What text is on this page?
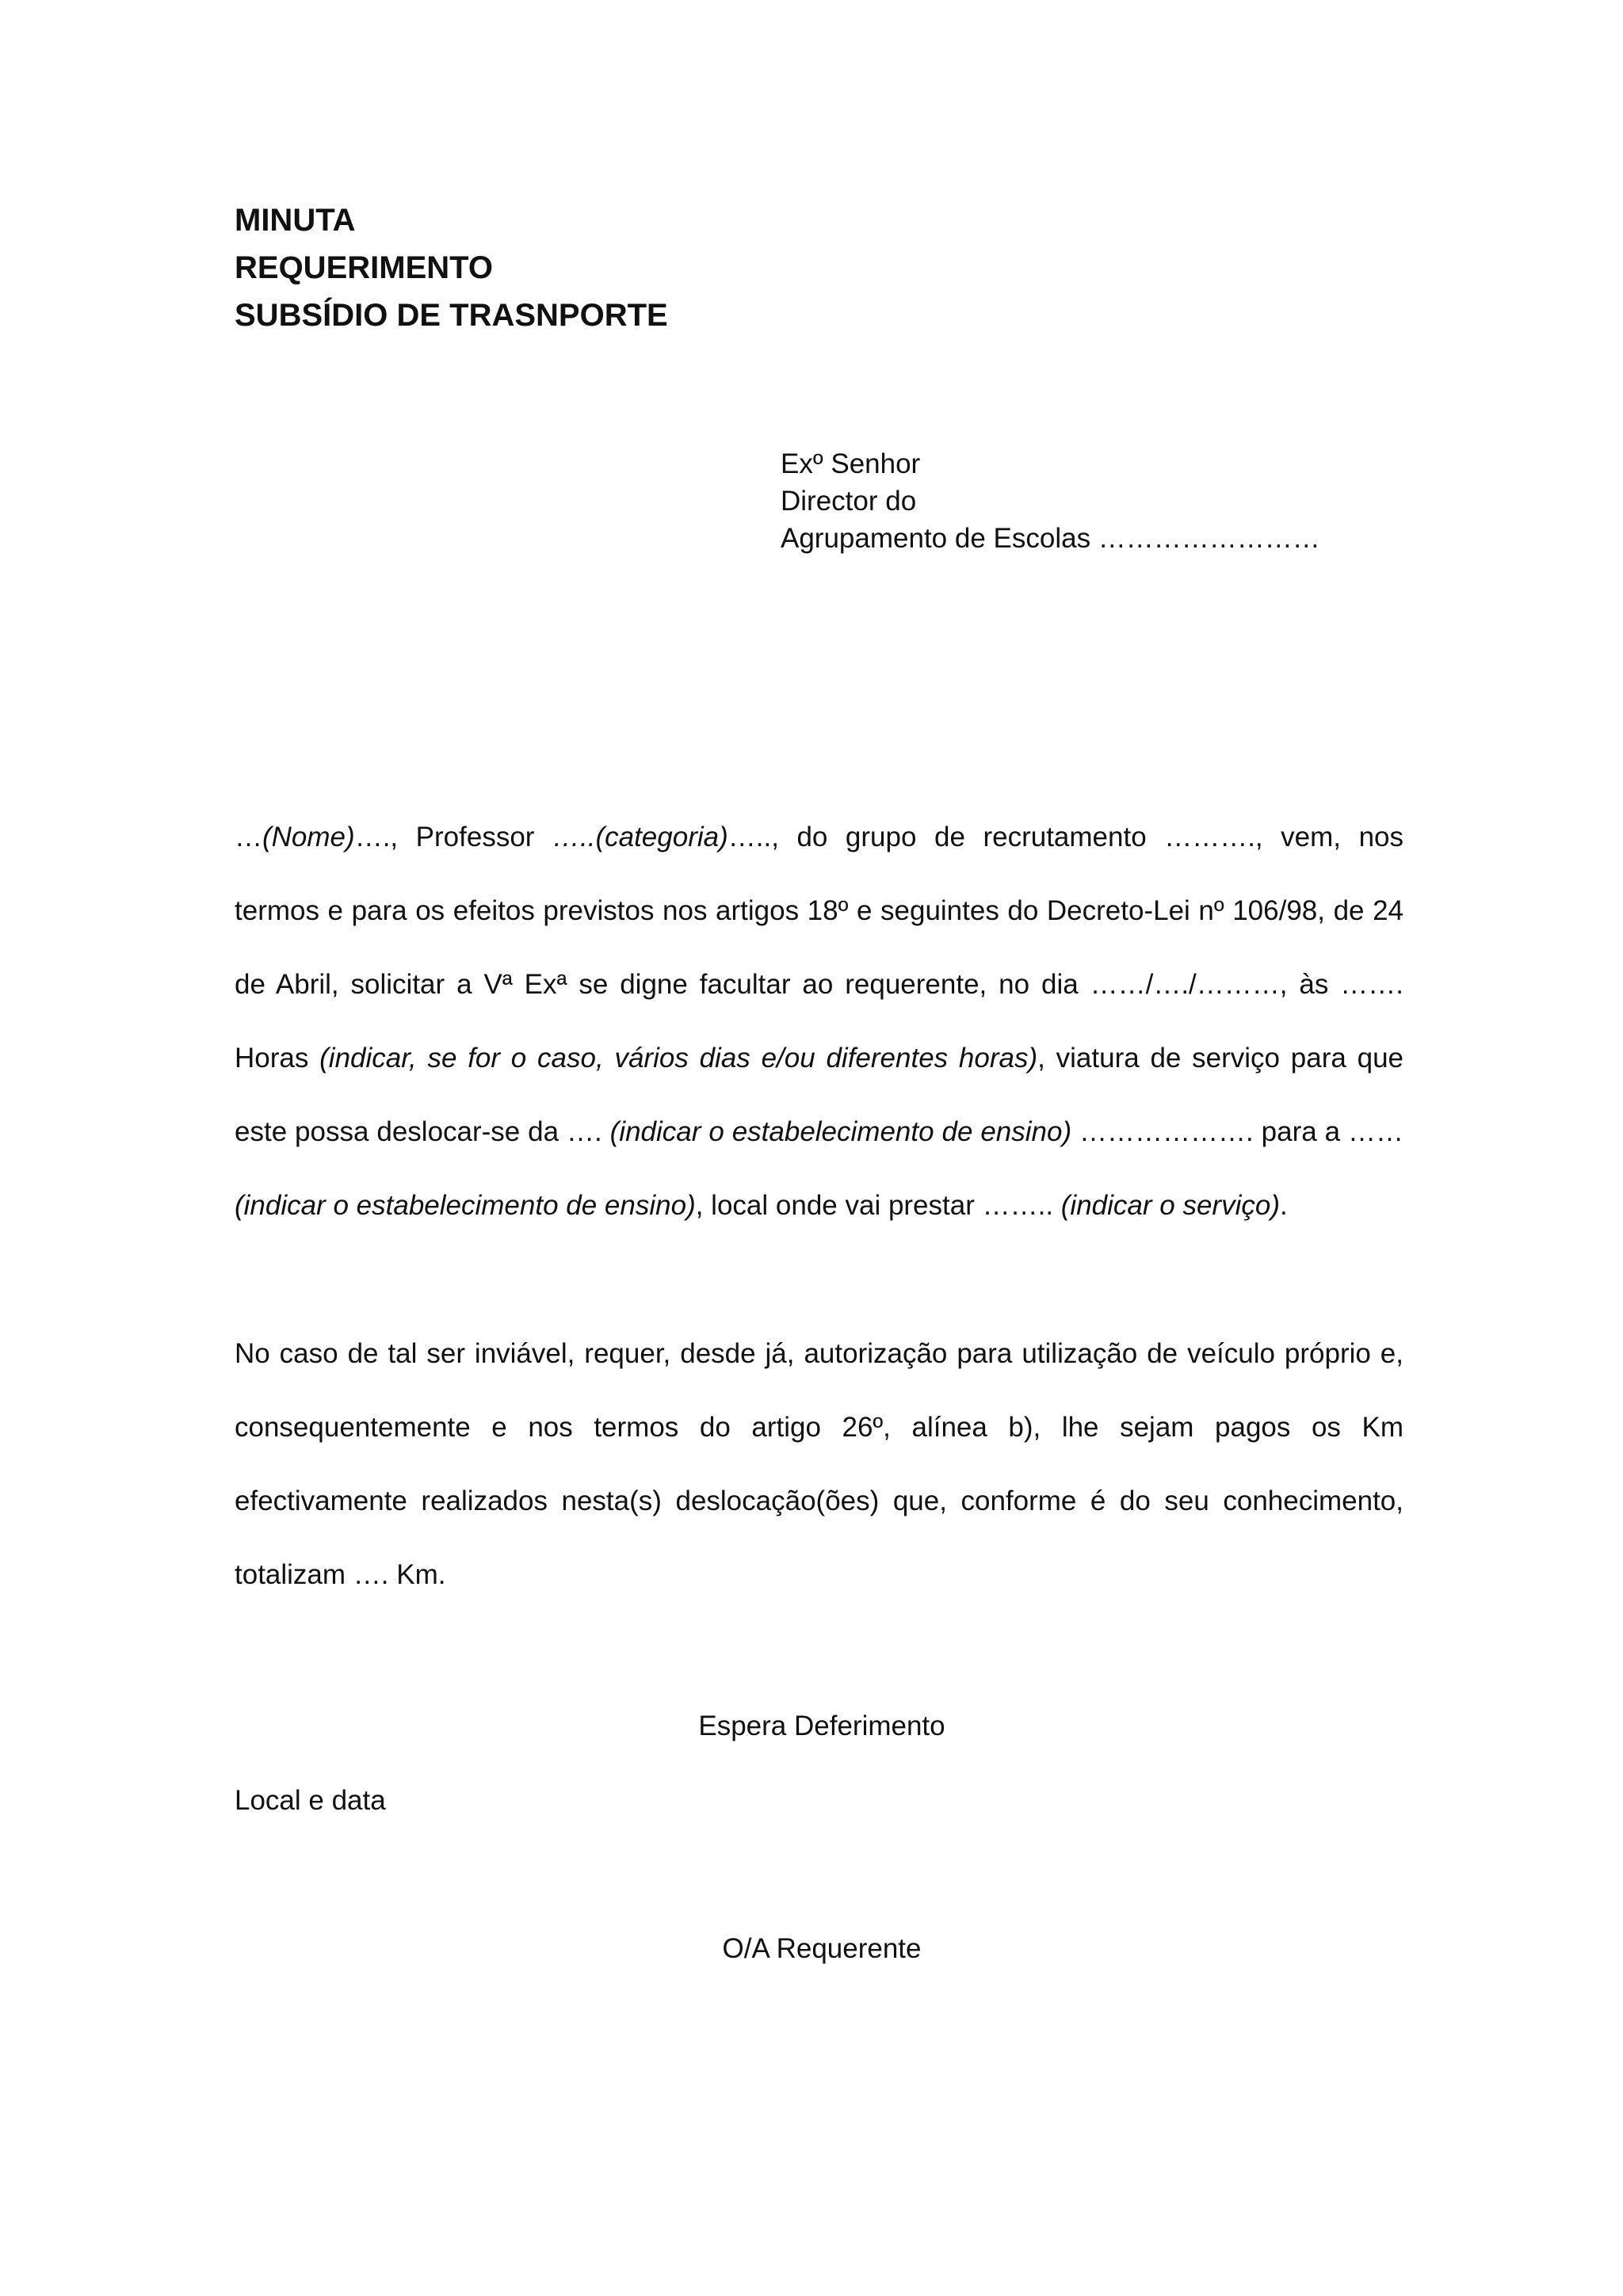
MINUTA
REQUERIMENTO
SUBSÍDIO DE TRASNPORTE
Exº Senhor
Director do
Agrupamento de Escolas ……………………

…(Nome)…., Professor …..(categoria)….., do grupo de recrutamento ………., vem, nos termos e para os efeitos previstos nos artigos 18º e seguintes do Decreto-Lei nº 106/98, de 24 de Abril, solicitar a Vª Exª se digne facultar ao requerente, no dia ……/…./………, às ……. Horas (indicar, se for o caso, vários dias e/ou diferentes horas), viatura de serviço para que este possa deslocar-se da …. (indicar o estabelecimento de ensino) ………………. para a …… (indicar o estabelecimento de ensino), local onde vai prestar …….. (indicar o serviço).

No caso de tal ser inviável, requer, desde já, autorização para utilização de veículo próprio e, consequentemente e nos termos do artigo 26º, alínea b), lhe sejam pagos os Km efectivamente realizados nesta(s) deslocação(ões) que, conforme é do seu conhecimento, totalizam …. Km.

Espera Deferimento
Local e data
O/A Requerente
